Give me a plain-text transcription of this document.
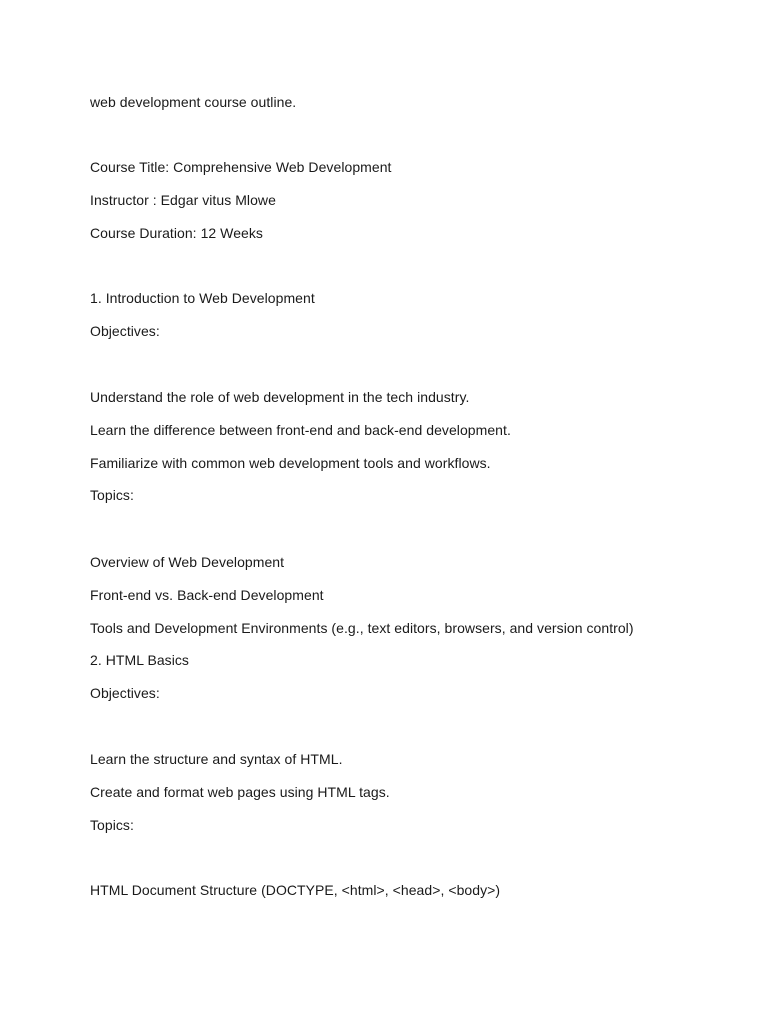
web development course outline.
Course Title: Comprehensive Web Development
Instructor : Edgar vitus Mlowe
Course Duration: 12 Weeks
1. Introduction to Web Development
Objectives:
Understand the role of web development in the tech industry.
Learn the difference between front-end and back-end development.
Familiarize with common web development tools and workflows.
Topics:
Overview of Web Development
Front-end vs. Back-end Development
Tools and Development Environments (e.g., text editors, browsers, and version control)
2. HTML Basics
Objectives:
Learn the structure and syntax of HTML.
Create and format web pages using HTML tags.
Topics:
HTML Document Structure (DOCTYPE, <html>, <head>, <body>)
